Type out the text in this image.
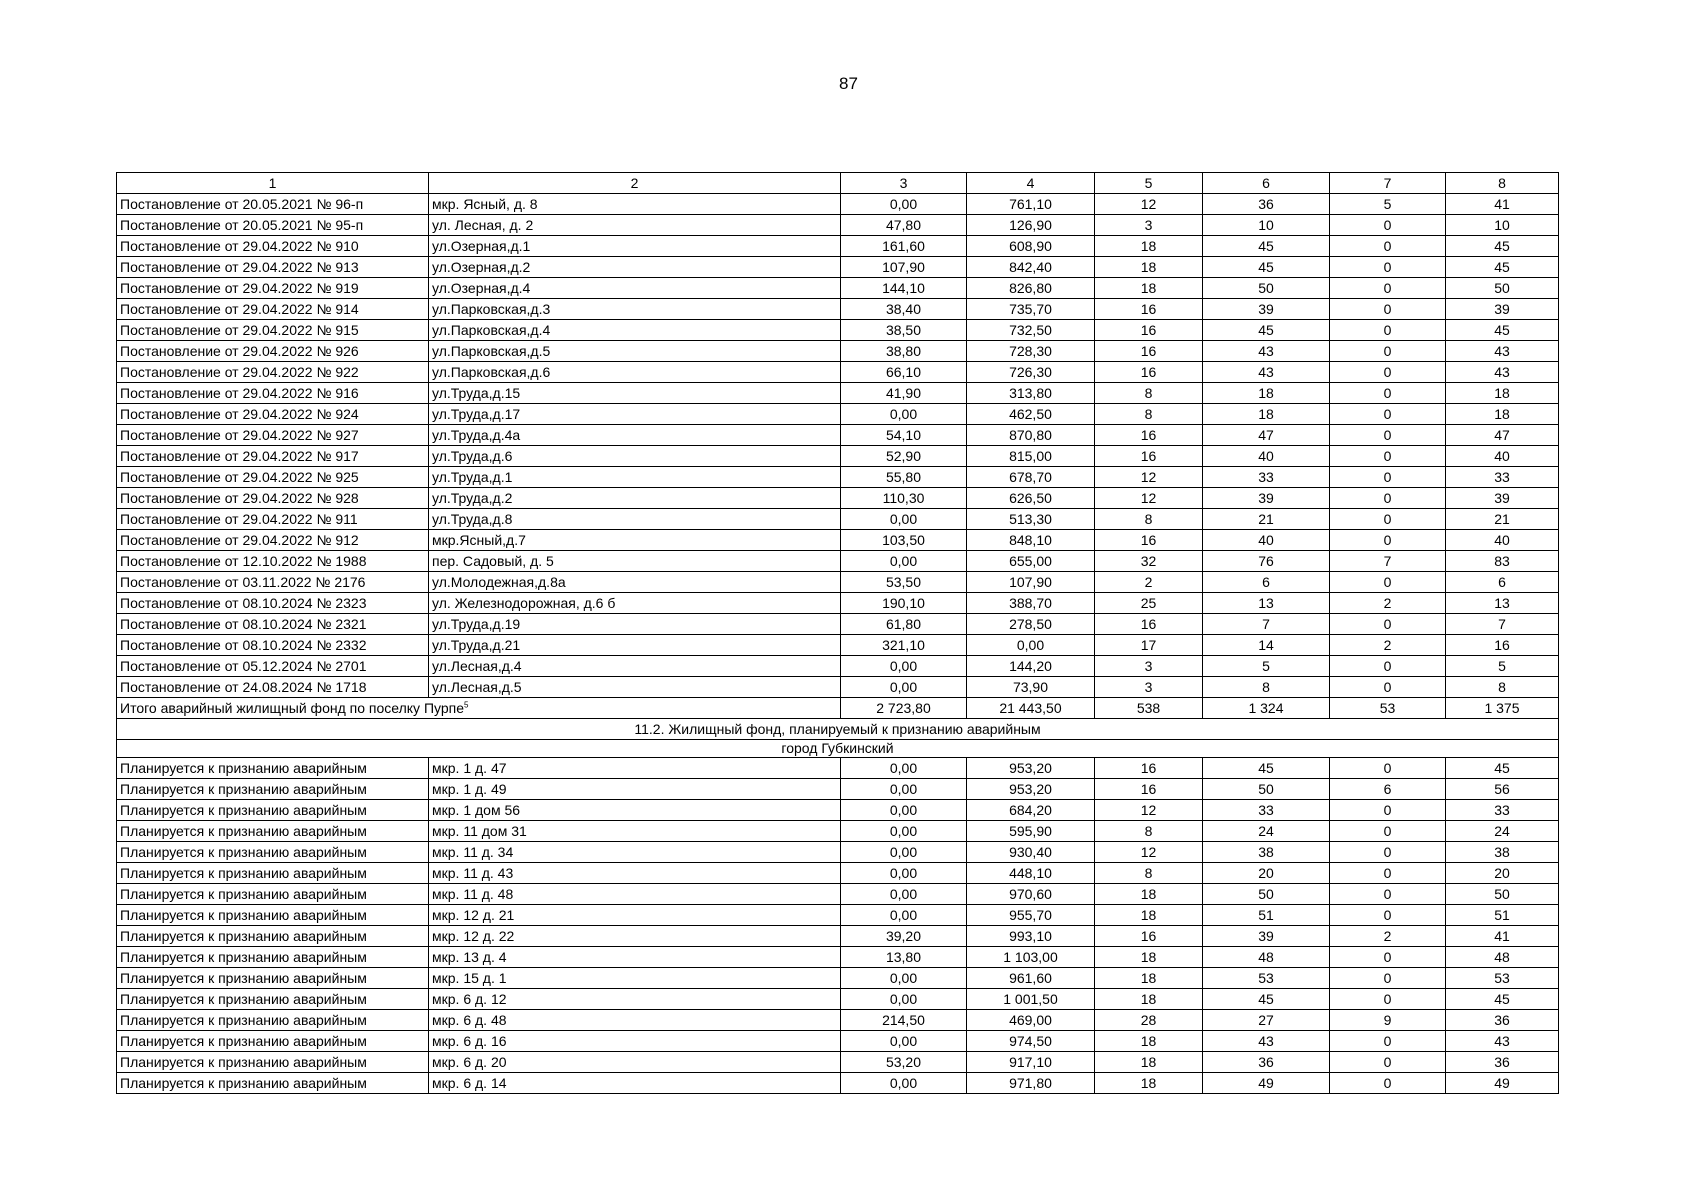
87
1	2	3	4	5	6	7	8
Постановление от 20.05.2021 № 96-п	мкр. Ясный, д. 8	0,00	761,10	12	36	5	41
Постановление от 20.05.2021 № 95-п	ул. Лесная, д. 2	47,80	126,90	3	10	0	10
Постановление от 29.04.2022 № 910	ул.Озерная,д.1	161,60	608,90	18	45	0	45
Постановление от 29.04.2022 № 913	ул.Озерная,д.2	107,90	842,40	18	45	0	45
Постановление от 29.04.2022 № 919	ул.Озерная,д.4	144,10	826,80	18	50	0	50
Постановление от 29.04.2022 № 914	ул.Парковская,д.3	38,40	735,70	16	39	0	39
Постановление от 29.04.2022 № 915	ул.Парковская,д.4	38,50	732,50	16	45	0	45
Постановление от 29.04.2022 № 926	ул.Парковская,д.5	38,80	728,30	16	43	0	43
Постановление от 29.04.2022 № 922	ул.Парковская,д.6	66,10	726,30	16	43	0	43
Постановление от 29.04.2022 № 916	ул.Труда,д.15	41,90	313,80	8	18	0	18
Постановление от 29.04.2022 № 924	ул.Труда,д.17	0,00	462,50	8	18	0	18
Постановление от 29.04.2022 № 927	ул.Труда,д.4а	54,10	870,80	16	47	0	47
Постановление от 29.04.2022 № 917	ул.Труда,д.6	52,90	815,00	16	40	0	40
Постановление от 29.04.2022 № 925	ул.Труда,д.1	55,80	678,70	12	33	0	33
Постановление от 29.04.2022 № 928	ул.Труда,д.2	110,30	626,50	12	39	0	39
Постановление от 29.04.2022 № 911	ул.Труда,д.8	0,00	513,30	8	21	0	21
Постановление от 29.04.2022 № 912	мкр.Ясный,д.7	103,50	848,10	16	40	0	40
Постановление от 12.10.2022 № 1988	пер. Садовый, д. 5	0,00	655,00	32	76	7	83
Постановление от 03.11.2022 № 2176	ул.Молодежная,д.8а	53,50	107,90	2	6	0	6
Постановление от 08.10.2024 № 2323	ул. Железнодорожная, д.6 б	190,10	388,70	25	13	2	13
Постановление от 08.10.2024 № 2321	ул.Труда,д.19	61,80	278,50	16	7	0	7
Постановление от 08.10.2024 № 2332	ул.Труда,д.21	321,10	0,00	17	14	2	16
Постановление от 05.12.2024 № 2701	ул.Лесная,д.4	0,00	144,20	3	5	0	5
Постановление от 24.08.2024 № 1718	ул.Лесная,д.5	0,00	73,90	3	8	0	8
Итого аварийный жилищный фонд по поселку Пурпе$^5$		2 723,80	21 443,50	538	1 324	53	1 375
11.2. Жилищный фонд, планируемый к признанию аварийным							
город Губкинский							
Планируется к признанию аварийным	мкр. 1 д. 47	0,00	953,20	16	45	0	45
Планируется к признанию аварийным	мкр. 1 д. 49	0,00	953,20	16	50	6	56
Планируется к признанию аварийным	мкр. 1 дом 56	0,00	684,20	12	33	0	33
Планируется к признанию аварийным	мкр. 11 дом 31	0,00	595,90	8	24	0	24
Планируется к признанию аварийным	мкр. 11 д. 34	0,00	930,40	12	38	0	38
Планируется к признанию аварийным	мкр. 11 д. 43	0,00	448,10	8	20	0	20
Планируется к признанию аварийным	мкр. 11 д. 48	0,00	970,60	18	50	0	50
Планируется к признанию аварийным	мкр. 12 д. 21	0,00	955,70	18	51	0	51
Планируется к признанию аварийным	мкр. 12 д. 22	39,20	993,10	16	39	2	41
Планируется к признанию аварийным	мкр. 13 д. 4	13,80	1 103,00	18	48	0	48
Планируется к признанию аварийным	мкр. 15 д. 1	0,00	961,60	18	53	0	53
Планируется к признанию аварийным	мкр. 6 д. 12	0,00	1 001,50	18	45	0	45
Планируется к признанию аварийным	мкр. 6 д. 48	214,50	469,00	28	27	9	36
Планируется к признанию аварийным	мкр. 6 д. 16	0,00	974,50	18	43	0	43
Планируется к признанию аварийным	мкр. 6 д. 20	53,20	917,10	18	36	0	36
Планируется к признанию аварийным	мкр. 6 д. 14	0,00	971,80	18	49	0	49
